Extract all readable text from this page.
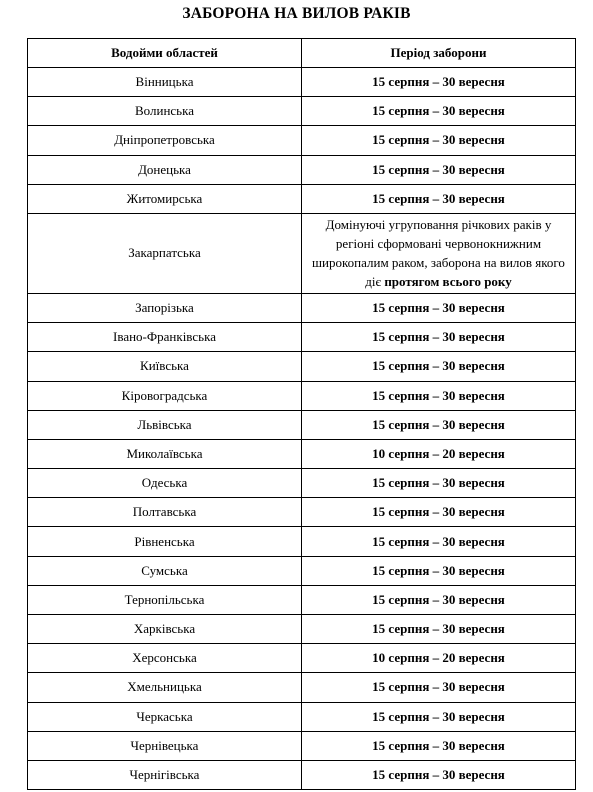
ЗАБОРОНА НА ВИЛОВ РАКІВ
Водойми областей	Період заборони
Вінницька	15 серпня – 30 вересня
Волинська	15 серпня – 30 вересня
Дніпропетровська	15 серпня – 30 вересня
Донецька	15 серпня – 30 вересня
Житомирська	15 серпня – 30 вересня
Закарпатська	Домінуючі угруповання річкових раків у регіоні сформовані червонокнижним широкопалим раком, заборона на вилов якого діє протягом всього року
Запорізька	15 серпня – 30 вересня
Івано-Франківська	15 серпня – 30 вересня
Київська	15 серпня – 30 вересня
Кіровоградська	15 серпня – 30 вересня
Львівська	15 серпня – 30 вересня
Миколаївська	10 серпня – 20 вересня
Одеська	15 серпня – 30 вересня
Полтавська	15 серпня – 30 вересня
Рівненська	15 серпня – 30 вересня
Сумська	15 серпня – 30 вересня
Тернопільська	15 серпня – 30 вересня
Харківська	15 серпня – 30 вересня
Херсонська	10 серпня – 20 вересня
Хмельницька	15 серпня – 30 вересня
Черкаська	15 серпня – 30 вересня
Чернівецька	15 серпня – 30 вересня
Чернігівська	15 серпня – 30 вересня
